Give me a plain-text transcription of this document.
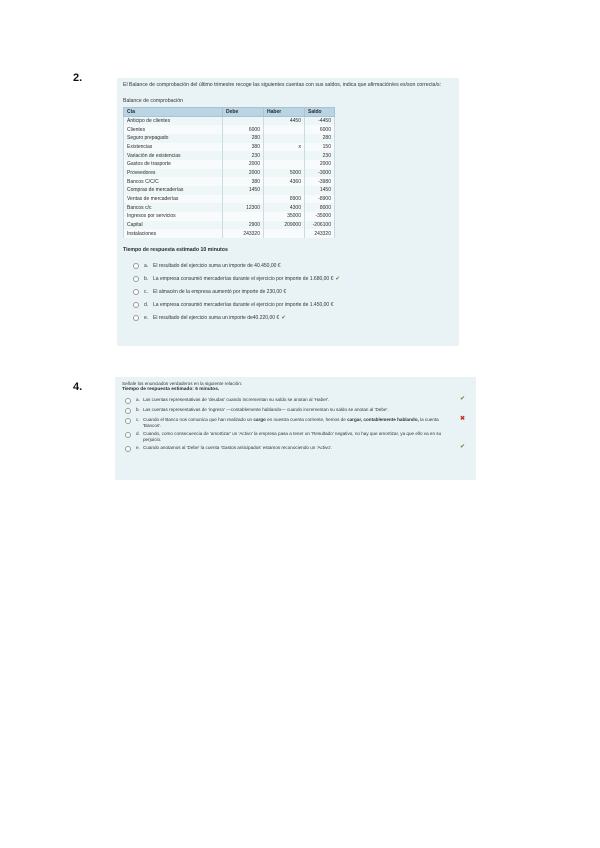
2.
El Balance de comprobación del último trimestre recoge las siguientes cuentas con sus saldos, indica que afirmación/es es/son correcta/s:
Balance de comprobación
Cta	Debe	Haber	Saldo
Anticipo de clientes		4450	-4450
Clientes	6000		6000
Seguro prepagado	280		280
Existencias	380	x	150
Variación de existencias	230		230
Gastos de trasporte	2000		2000
Proveedores	2000	5000	-3000
Bancos C/C/C	380	4360	-3980
Compras de mercaderías	1450		1450
Ventas de mercaderías		8900	-8900
Bancos c/c	12300	4300	8000
Ingresos por servicios		35000	-35000
Capital	2900	209000	-206100
Instalaciones	243320		243320
Tiempo de respuesta estimado 10 minutos
a. El resultado del ejercicio suma un importe de 40.450,00 €
b. La empresa consumió mercaderías durante el ejercicio por importe de 1.680,00 € ✔
c.	El almacén de la empresa aumentó por importe de 230,00 €
d. La empresa consumió mercaderías durante el ejercicio por importe de 1.450,00 €
e. El resultado del ejercicio suma un importe de40.220,00 € ✔
4.	Señale los enunciados verdaderos en la siguiente relación:
Tiempo de respuesta estimado: 5 minutos.
a. Las cuentas representativas de 'deudas' cuando incrementan su saldo se anotan al 'Haber'.	✔
b. Las cuentas representativas de 'ingreso' —contablemente hablando— cuando incrementan su saldo se anotan al 'Debe'.
c. Cuando el Banco nos comunica que han realizado un cargo en nuestra cuenta corriente, hemos de cargar, contablemente hablando, la cuenta 'Bancos'.
✖
d. Cuando, como consecuencia de 'amortizar' un 'Activo' la empresa pasa a tener un 'Resultado' negativo, no hay que amortizar, ya que ello va en su perjuicio.
e. Cuando anotamos al 'Debe' la cuenta 'Gastos anticipados' estamos reconociendo un 'Activo'.	✔
